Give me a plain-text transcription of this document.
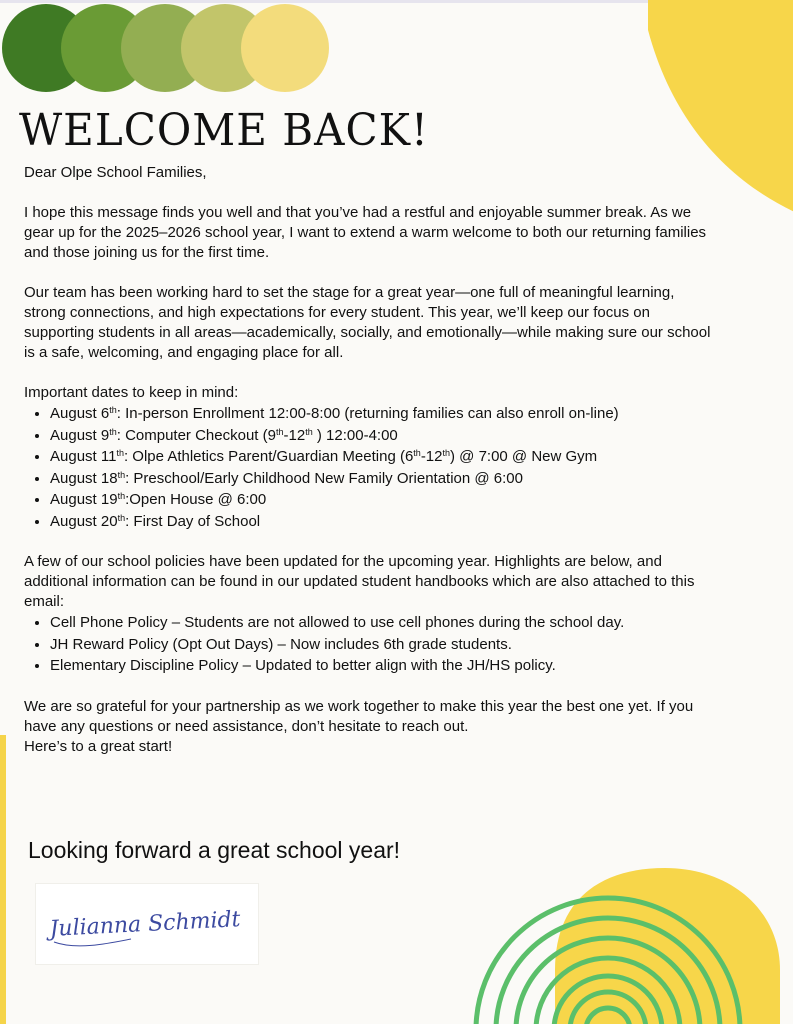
WELCOME BACK!

Dear Olpe School Families,

I hope this message finds you well and that you’ve had a restful and enjoyable summer break. As we gear up for the 2025–2026 school year, I want to extend a warm welcome to both our returning families and those joining us for the first time.

Our team has been working hard to set the stage for a great year—one full of meaningful learning, strong connections, and high expectations for every student. This year, we’ll keep our focus on supporting students in all areas—academically, socially, and emotionally—while making sure our school is a safe, welcoming, and engaging place for all.

Important dates to keep in mind:

• August 6th: In-person Enrollment 12:00-8:00 (returning families can also enroll on-line)
• August 9th: Computer Checkout (9th-12th ) 12:00-4:00
• August 11th: Olpe Athletics Parent/Guardian Meeting (6th-12th) @ 7:00 @ New Gym
• August 18th: Preschool/Early Childhood New Family Orientation @ 6:00
• August 19th:Open House @ 6:00
• August 20th: First Day of School

A few of our school policies have been updated for the upcoming year. Highlights are below, and additional information can be found in our updated student handbooks which are also attached to this email:

• Cell Phone Policy – Students are not allowed to use cell phones during the school day.
• JH Reward Policy (Opt Out Days) – Now includes 6th grade students.
• Elementary Discipline Policy – Updated to better align with the JH/HS policy.

We are so grateful for your partnership as we work together to make this year the best one yet. If you have any questions or need assistance, don’t hesitate to reach out.

Here’s to a great start!

Looking forward a great school year!
Julianna Schmidt
